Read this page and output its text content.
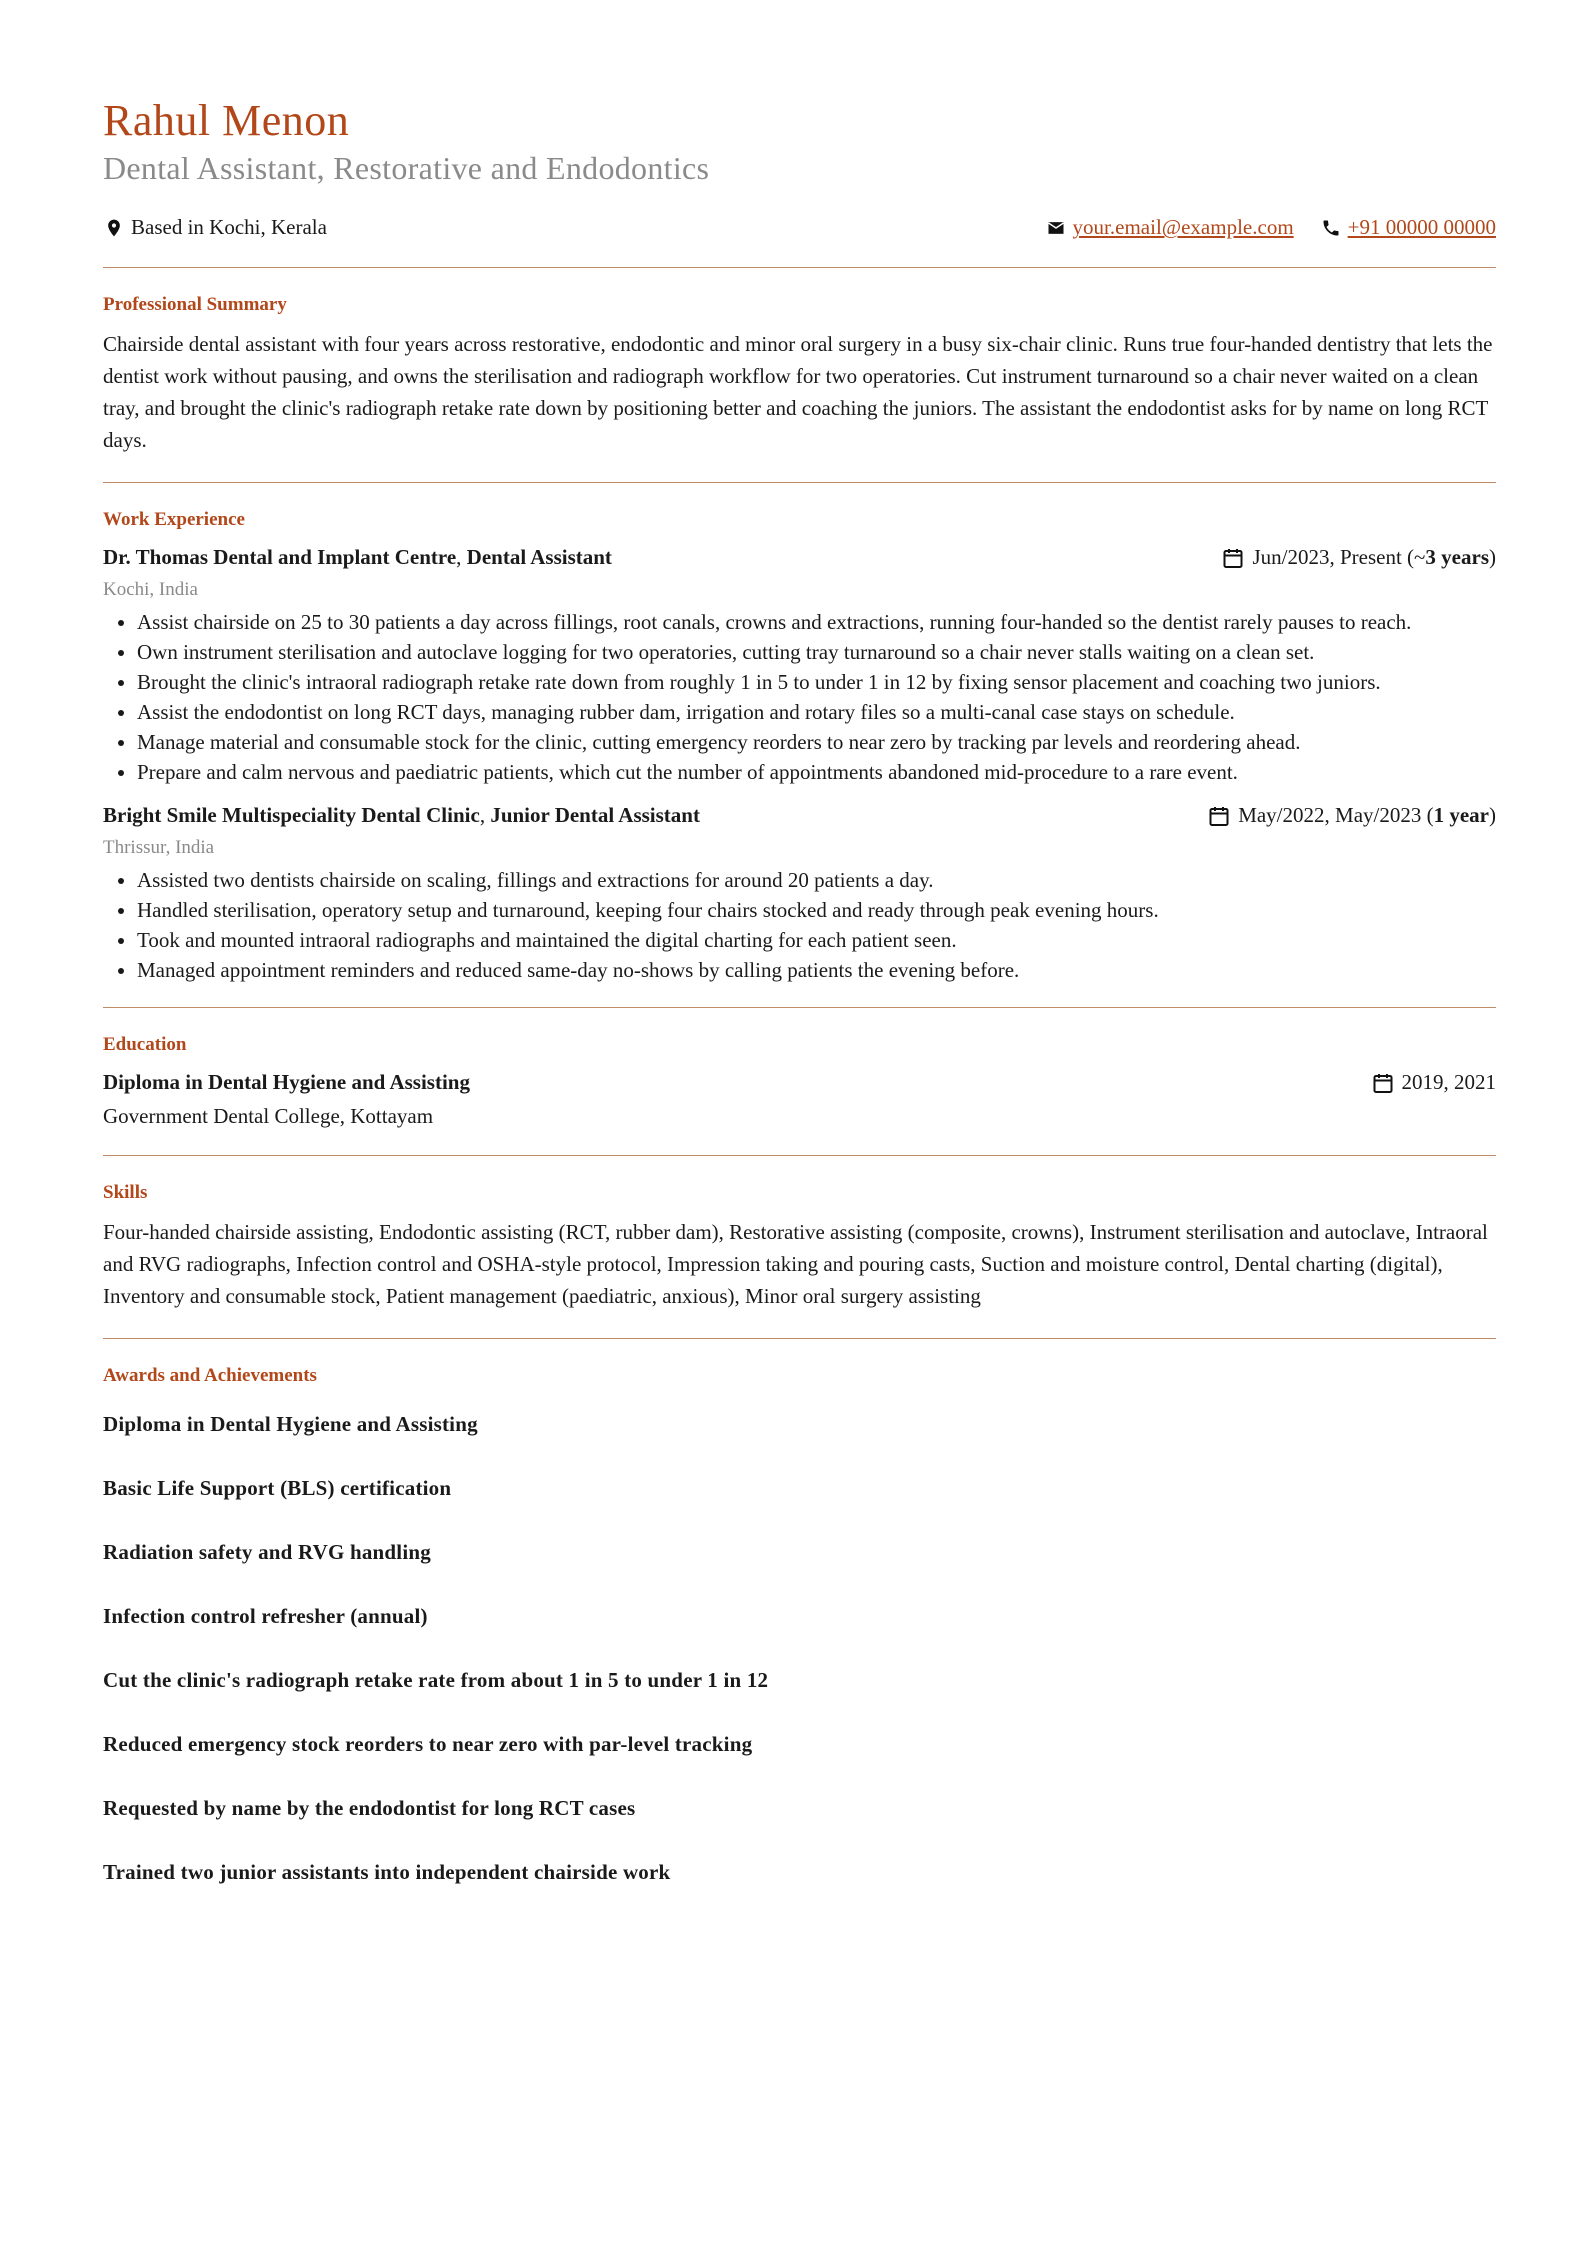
Rahul Menon
Dental Assistant, Restorative and Endodontics
Based in Kochi, Kerala	your.email@example.com	+91 00000 00000
Professional Summary
Chairside dental assistant with four years across restorative, endodontic and minor oral surgery in a busy six-chair clinic. Runs true four-handed dentistry that lets the dentist work without pausing, and owns the sterilisation and radiograph workflow for two operatories. Cut instrument turnaround so a chair never waited on a clean tray, and brought the clinic's radiograph retake rate down by positioning better and coaching the juniors. The assistant the endodontist asks for by name on long RCT days.
Work Experience
Dr. Thomas Dental and Implant Centre, Dental Assistant	Jun/2023, Present (~ 3 years )
Kochi, India
• Assist chairside on 25 to 30 patients a day across fillings, root canals, crowns and extractions, running four-handed so the dentist rarely pauses to reach.
• Own instrument sterilisation and autoclave logging for two operatories, cutting tray turnaround so a chair never stalls waiting on a clean set.
• Brought the clinic's intraoral radiograph retake rate down from roughly 1 in 5 to under 1 in 12 by fixing sensor placement and coaching two juniors.
• Assist the endodontist on long RCT days, managing rubber dam, irrigation and rotary files so a multi-canal case stays on schedule.
• Manage material and consumable stock for the clinic, cutting emergency reorders to near zero by tracking par levels and reordering ahead.
• Prepare and calm nervous and paediatric patients, which cut the number of appointments abandoned mid-procedure to a rare event.
Bright Smile Multispeciality Dental Clinic, Junior Dental Assistant	May/2022, May/2023 ( 1 year )
Thrissur, India
• Assisted two dentists chairside on scaling, fillings and extractions for around 20 patients a day.
• Handled sterilisation, operatory setup and turnaround, keeping four chairs stocked and ready through peak evening hours.
• Took and mounted intraoral radiographs and maintained the digital charting for each patient seen.
• Managed appointment reminders and reduced same-day no-shows by calling patients the evening before.
Education
Diploma in Dental Hygiene and Assisting	2019, 2021
Government Dental College, Kottayam
Skills
Four-handed chairside assisting, Endodontic assisting (RCT, rubber dam), Restorative assisting (composite, crowns), Instrument sterilisation and autoclave, Intraoral and RVG radiographs, Infection control and OSHA-style protocol, Impression taking and pouring casts, Suction and moisture control, Dental charting (digital), Inventory and consumable stock, Patient management (paediatric, anxious), Minor oral surgery assisting
Awards and Achievements
Diploma in Dental Hygiene and Assisting
Basic Life Support (BLS) certification
Radiation safety and RVG handling
Infection control refresher (annual)
Cut the clinic's radiograph retake rate from about 1 in 5 to under 1 in 12
Reduced emergency stock reorders to near zero with par-level tracking
Requested by name by the endodontist for long RCT cases
Trained two junior assistants into independent chairside work
